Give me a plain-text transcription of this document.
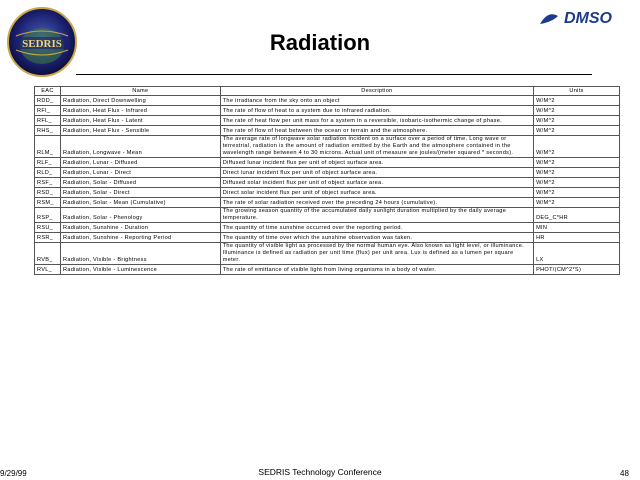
SEDRIS
DMSO
Radiation
EAC	Name	Description	Units
RDD_	Radiation, Direct Downwelling	The irradiance from the sky onto an object	W/M^2
RFI_	Radiation, Heat Flux - Infrared	The rate of flow of heat to a system due to infrared radiation.	W/M^2
RFL_	Radiation, Heat Flux - Latent	The rate of heat flow per unit mass for a system in a reversible, isobaric-isothermic change of phase.	W/M^2
RHS_	Radiation, Heat Flux - Sensible	The rate of flow of heat between the ocean or terrain and the atmosphere.	W/M^2
RLM_	Radiation, Longwave - Mean	The average rate of longwave solar radiation incident on a surface over a period of time. Long wave or terrestrial, radiation is the amount of radiation emitted by the Earth and the atmosphere contained in the wavelength range between 4 to 30 microns. Actual unit of measure are joules/(meter squared * seconds).	W/M^2
RLF_	Radiation, Lunar - Diffused	Diffused lunar incident flux per unit of object surface area.	W/M^2
RLD_	Radiation, Lunar - Direct	Direct lunar incident flux per unit of object surface area.	W/M^2
RSF_	Radiation, Solar - Diffused	Diffused solar incident flux per unit of object surface area.	W/M^2
RSD_	Radiation, Solar - Direct	Direct solar incident flux per unit of object surface area.	W/M^2
RSM_	Radiation, Solar - Mean (Cumulative)	The rate of solar radiation received over the preceding 24 hours (cumulative).	W/M^2
RSP_	Radiation, Solar - Phenology	The growing season quantity of the accumulated daily sunlight duration multiplied by the daily average temperature.	DEG_C*HR
RSU_	Radiation, Sunshine - Duration	The quantity of time sunshine occurred over the reporting period.	MIN
RSR_	Radiation, Sunshine - Reporting Period	The quantity of time over which the sunshine observation was taken.	HR
RVB_	Radiation, Visible - Brightness	The quantity of visible light as processed by the normal human eye. Also known as light level, or illuminance. Illuminance is defined as radiation per unit time (flux) per unit area. Lux is defined as a lumen per square meter.	LX
RVL_	Radiation, Visible - Luminescence	The rate of emittance of visible light from living organisms in a body of water.	PHOT/(CM^2*S)
9/29/99	SEDRIS Technology Conference	48
